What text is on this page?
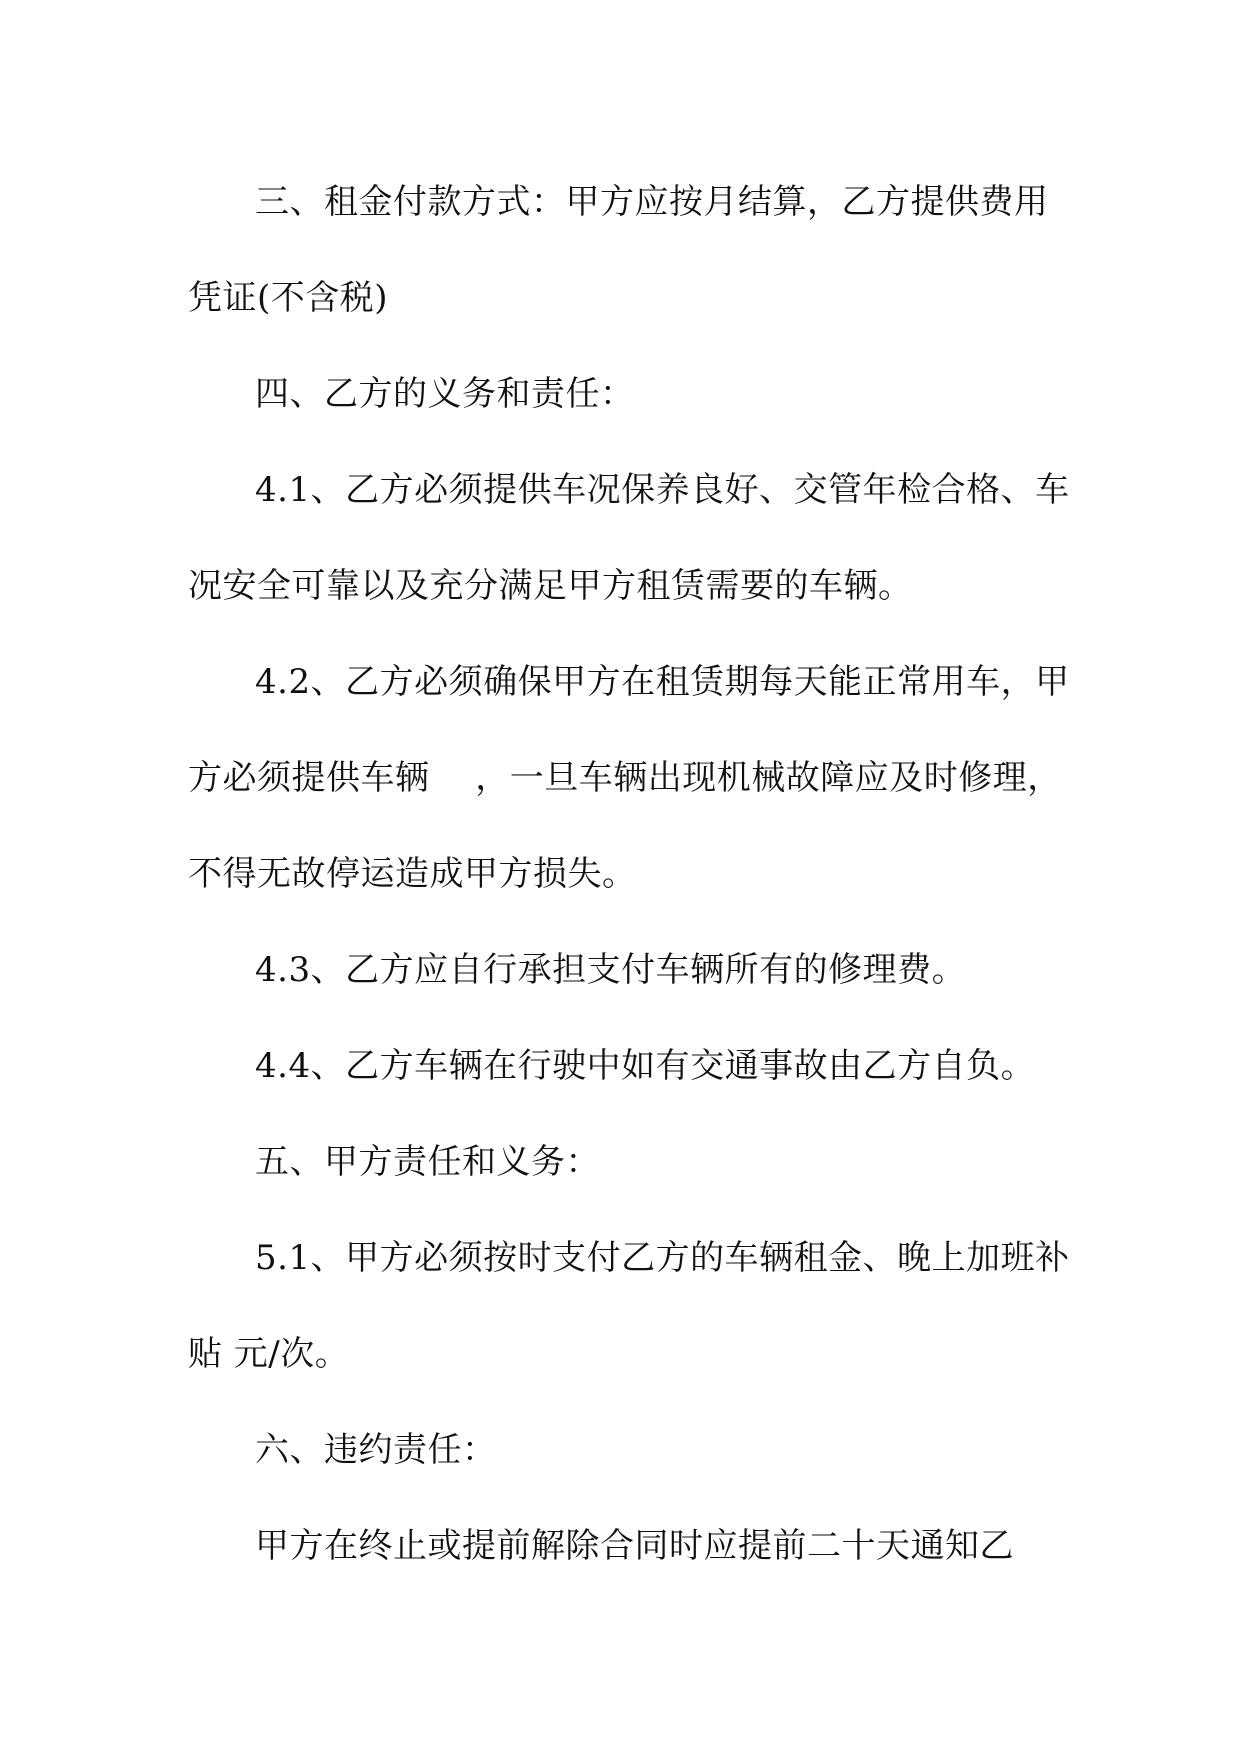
三、租金付款方式：甲方应按月结算，乙方提供费用

凭证(不含税)

四、乙方的义务和责任：

4.1、乙方必须提供车况保养良好、交管年检合格、车

况安全可靠以及充分满足甲方租赁需要的车辆。

4.2、乙方必须确保甲方在租赁期每天能正常用车，甲

方必须提供车辆　 ，一旦车辆出现机械故障应及时修理，

不得无故停运造成甲方损失。

4.3、乙方应自行承担支付车辆所有的修理费。

4.4、乙方车辆在行驶中如有交通事故由乙方自负。

五、甲方责任和义务：

5.1、甲方必须按时支付乙方的车辆租金、晚上加班补

贴 元/次。

六、违约责任：

甲方在终止或提前解除合同时应提前二十天通知乙
